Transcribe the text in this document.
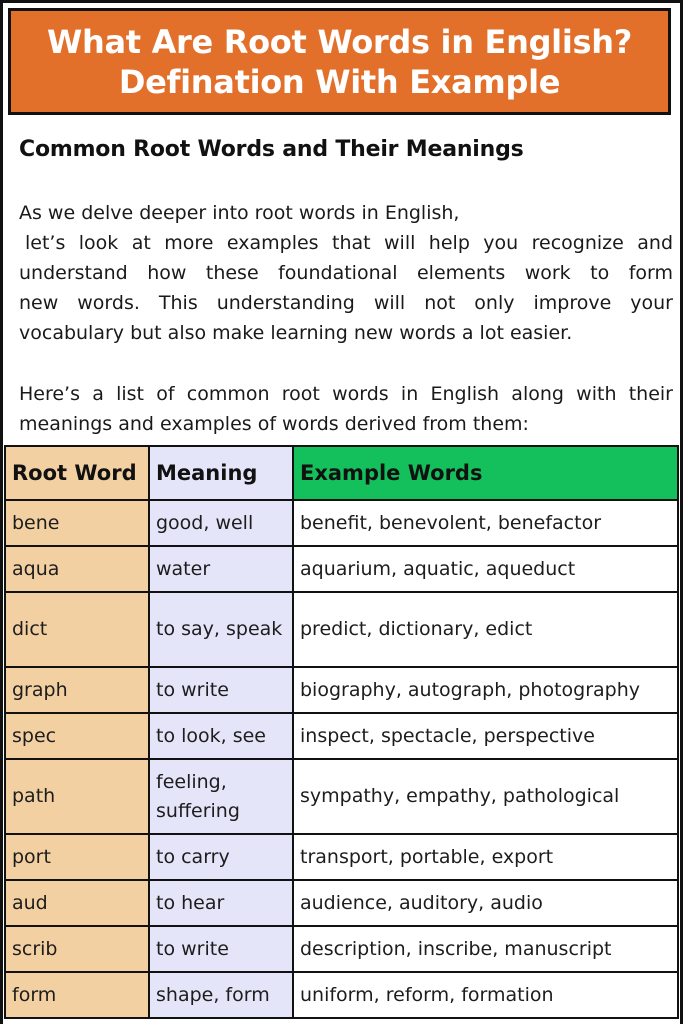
What Are Root Words in English?
Defination With Example
Common Root Words and Their Meanings
As we delve deeper into root words in English,
let’s look at more examples that will help you recognize and
understand how these foundational elements work to form
new words. This understanding will not only improve your
vocabulary but also make learning new words a lot easier.
Here’s a list of common root words in English along with their
meanings and examples of words derived from them:
Root Word	Meaning	Example Words
bene	good, well	benefit, benevolent, benefactor
aqua	water	aquarium, aquatic, aqueduct
dict	to say, speak	predict, dictionary, edict
graph	to write	biography, autograph, photography
spec	to look, see	inspect, spectacle, perspective
path	feeling, suffering	sympathy, empathy, pathological
port	to carry	transport, portable, export
aud	to hear	audience, auditory, audio
scrib	to write	description, inscribe, manuscript
form	shape, form	uniform, reform, formation
